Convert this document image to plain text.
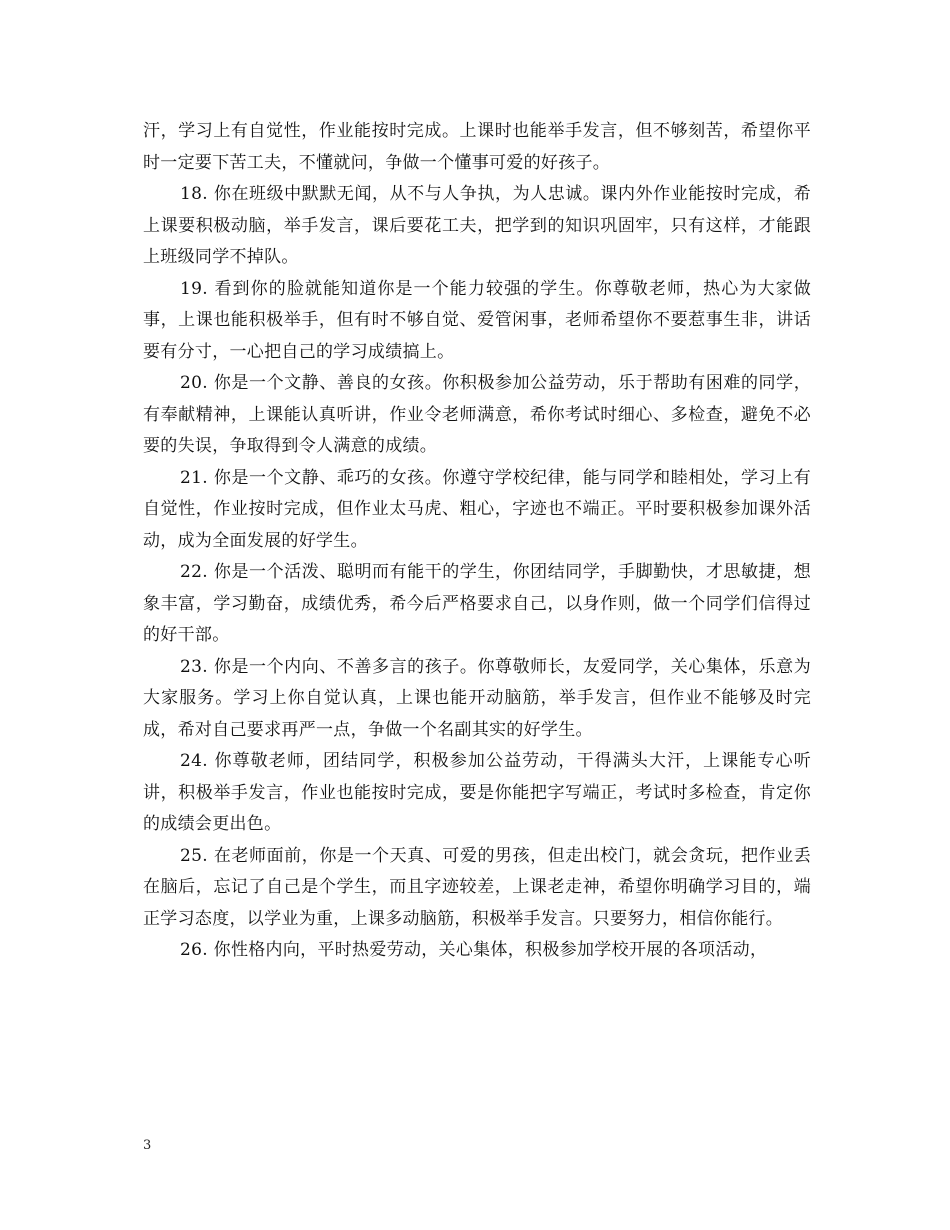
汗，学习上有自觉性，作业能按时完成。上课时也能举手发言，但不够刻苦，希望你平时一定要下苦工夫，不懂就问，争做一个懂事可爱的好孩子。

18. 你在班级中默默无闻，从不与人争执，为人忠诚。课内外作业能按时完成，希上课要积极动脑，举手发言，课后要花工夫，把学到的知识巩固牢，只有这样，才能跟上班级同学不掉队。

19. 看到你的脸就能知道你是一个能力较强的学生。你尊敬老师，热心为大家做事，上课也能积极举手，但有时不够自觉、爱管闲事，老师希望你不要惹事生非，讲话要有分寸，一心把自己的学习成绩搞上。

20. 你是一个文静、善良的女孩。你积极参加公益劳动，乐于帮助有困难的同学，有奉献精神，上课能认真听讲，作业令老师满意，希你考试时细心、多检查，避免不必要的失误，争取得到令人满意的成绩。

21. 你是一个文静、乖巧的女孩。你遵守学校纪律，能与同学和睦相处，学习上有自觉性，作业按时完成，但作业太马虎、粗心，字迹也不端正。平时要积极参加课外活动，成为全面发展的好学生。

22. 你是一个活泼、聪明而有能干的学生，你团结同学，手脚勤快，才思敏捷，想象丰富，学习勤奋，成绩优秀，希今后严格要求自己，以身作则，做一个同学们信得过的好干部。

23. 你是一个内向、不善多言的孩子。你尊敬师长，友爱同学，关心集体，乐意为大家服务。学习上你自觉认真，上课也能开动脑筋，举手发言，但作业不能够及时完成，希对自己要求再严一点，争做一个名副其实的好学生。

24. 你尊敬老师，团结同学，积极参加公益劳动，干得满头大汗，上课能专心听讲，积极举手发言，作业也能按时完成，要是你能把字写端正，考试时多检查，肯定你的成绩会更出色。

25. 在老师面前，你是一个天真、可爱的男孩，但走出校门，就会贪玩，把作业丢在脑后，忘记了自己是个学生，而且字迹较差，上课老走神，希望你明确学习目的，端正学习态度，以学业为重，上课多动脑筋，积极举手发言。只要努力，相信你能行。

26. 你性格内向，平时热爱劳动，关心集体，积极参加学校开展的各项活动，

3
